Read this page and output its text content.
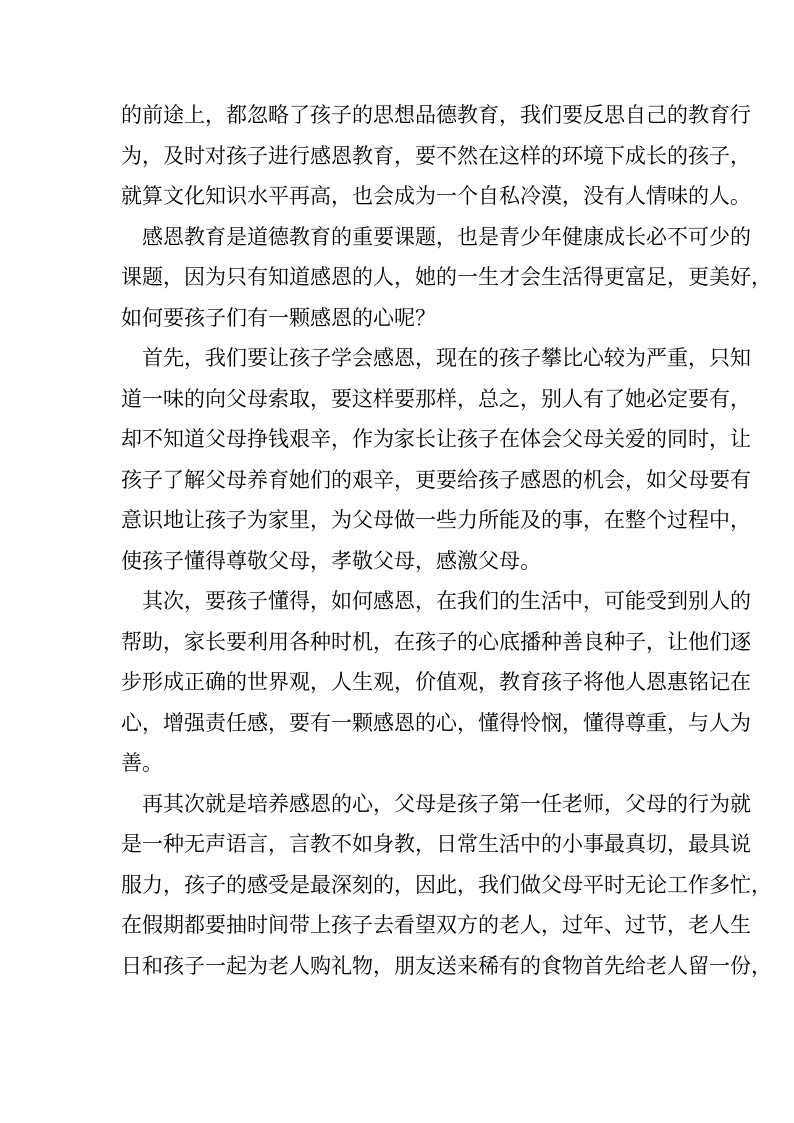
的前途上，都忽略了孩子的思想品德教育，我们要反思自己的教育行
为，及时对孩子进行感恩教育，要不然在这样的环境下成长的孩子，
就算文化知识水平再高，也会成为一个自私冷漠，没有人情味的人。
感恩教育是道德教育的重要课题，也是青少年健康成长必不可少的
课题，因为只有知道感恩的人，她的一生才会生活得更富足，更美好，
如何要孩子们有一颗感恩的心呢？
首先，我们要让孩子学会感恩，现在的孩子攀比心较为严重，只知
道一味的向父母索取，要这样要那样，总之，别人有了她必定要有，
却不知道父母挣钱艰辛，作为家长让孩子在体会父母关爱的同时，让
孩子了解父母养育她们的艰辛，更要给孩子感恩的机会，如父母要有
意识地让孩子为家里，为父母做一些力所能及的事，在整个过程中，
使孩子懂得尊敬父母，孝敬父母，感激父母。
其次，要孩子懂得，如何感恩，在我们的生活中，可能受到别人的
帮助，家长要利用各种时机，在孩子的心底播种善良种子，让他们逐
步形成正确的世界观，人生观，价值观，教育孩子将他人恩惠铭记在
心，增强责任感，要有一颗感恩的心，懂得怜悯，懂得尊重，与人为
善。
再其次就是培养感恩的心，父母是孩子第一任老师，父母的行为就
是一种无声语言，言教不如身教，日常生活中的小事最真切，最具说
服力，孩子的感受是最深刻的，因此，我们做父母平时无论工作多忙，
在假期都要抽时间带上孩子去看望双方的老人，过年、过节，老人生
日和孩子一起为老人购礼物，朋友送来稀有的食物首先给老人留一份，
